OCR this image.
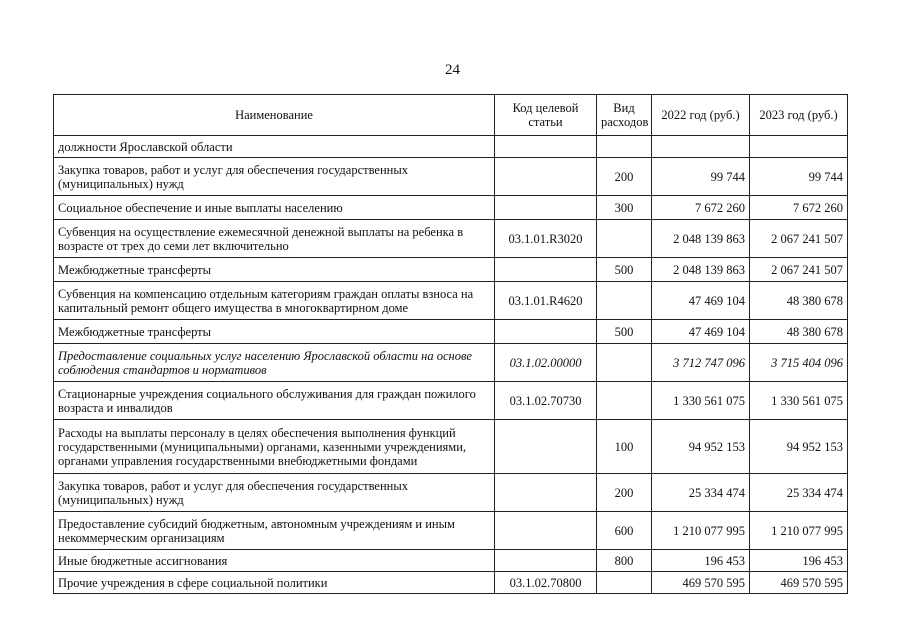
24
Наименование	Код целевой статьи	Вид расходов	2022 год (руб.)	2023 год (руб.)
должности Ярославской области				
Закупка товаров, работ и услуг для обеспечения государственных (муниципальных) нужд		200	99 744	99 744
Социальное обеспечение и иные выплаты населению		300	7 672 260	7 672 260
Субвенция на осуществление ежемесячной денежной выплаты на ребенка в возрасте от трех до семи лет включительно	03.1.01.R3020		2 048 139 863	2 067 241 507
Межбюджетные трансферты		500	2 048 139 863	2 067 241 507
Субвенция на компенсацию отдельным категориям граждан оплаты взноса на капитальный ремонт общего имущества в многоквартирном доме	03.1.01.R4620		47 469 104	48 380 678
Межбюджетные трансферты		500	47 469 104	48 380 678
Предоставление социальных услуг населению Ярославской области на основе соблюдения стандартов и нормативов	03.1.02.00000		3 712 747 096	3 715 404 096
Стационарные учреждения социального обслуживания для граждан пожилого возраста и инвалидов	03.1.02.70730		1 330 561 075	1 330 561 075
Расходы на выплаты персоналу в целях обеспечения выполнения функций государственными (муниципальными) органами, казенными учреждениями, органами управления государственными внебюджетными фондами		100	94 952 153	94 952 153
Закупка товаров, работ и услуг для обеспечения государственных (муниципальных) нужд		200	25 334 474	25 334 474
Предоставление субсидий бюджетным, автономным учреждениям и иным некоммерческим организациям		600	1 210 077 995	1 210 077 995
Иные бюджетные ассигнования		800	196 453	196 453
Прочие учреждения в сфере социальной политики	03.1.02.70800		469 570 595	469 570 595
